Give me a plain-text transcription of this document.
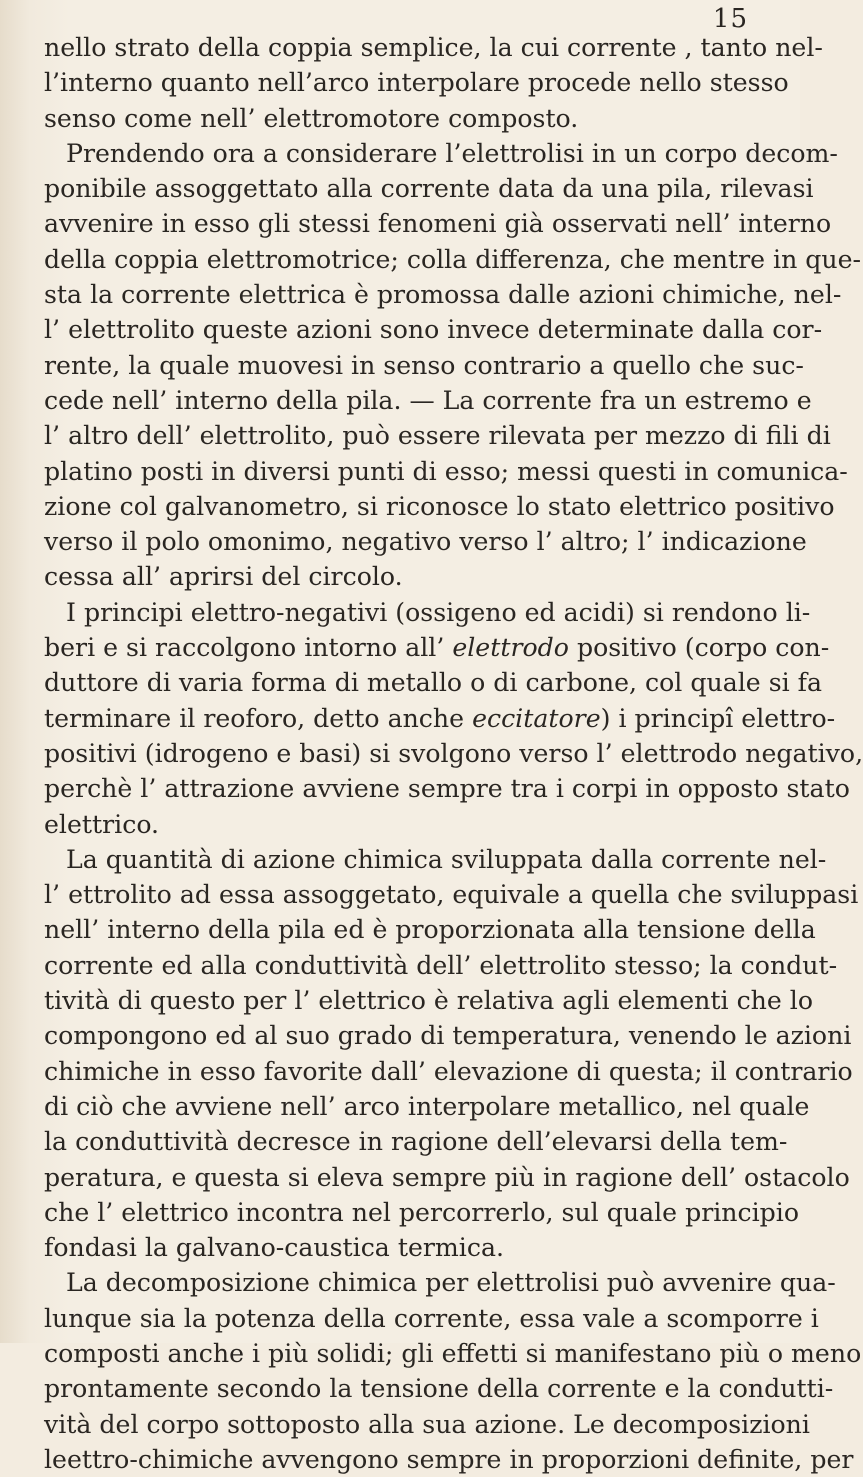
15

nello strato della coppia semplice, la cui corrente , tanto nel-
l’interno quanto nell’arco interpolare procede nello stesso
senso come nell’ elettromotore composto.

Prendendo ora a considerare l’elettrolisi in un corpo decom-
ponibile assoggettato alla corrente data da una pila, rilevasi
avvenire in esso gli stessi fenomeni già osservati nell’ interno
della coppia elettromotrice; colla differenza, che mentre in que-
sta la corrente elettrica è promossa dalle azioni chimiche, nel-
l’ elettrolito queste azioni sono invece determinate dalla cor-
rente, la quale muovesi in senso contrario a quello che suc-
cede nell’ interno della pila. — La corrente fra un estremo e
l’ altro dell’ elettrolito, può essere rilevata per mezzo di fili di
platino posti in diversi punti di esso; messi questi in comunica-
zione col galvanometro, si riconosce lo stato elettrico positivo
verso il polo omonimo, negativo verso l’ altro; l’ indicazione
cessa all’ aprirsi del circolo.

I principi elettro-negativi (ossigeno ed acidi) si rendono li-
beri e si raccolgono intorno all’ elettrodo positivo (corpo con-
duttore di varia forma di metallo o di carbone, col quale si fa
terminare il reoforo, detto anche eccitatore) i principî elettro-
positivi (idrogeno e basi) si svolgono verso l’ elettrodo negativo,
perchè l’ attrazione avviene sempre tra i corpi in opposto stato
elettrico.

La quantità di azione chimica sviluppata dalla corrente nel-
l’ ettrolito ad essa assoggetato, equivale a quella che sviluppasi
nell’ interno della pila ed è proporzionata alla tensione della
corrente ed alla conduttività dell’ elettrolito stesso; la condut-
tività di questo per l’ elettrico è relativa agli elementi che lo
compongono ed al suo grado di temperatura, venendo le azioni
chimiche in esso favorite dall’ elevazione di questa; il contrario
di ciò che avviene nell’ arco interpolare metallico, nel quale
la conduttività decresce in ragione dell’elevarsi della tem-
peratura, e questa si eleva sempre più in ragione dell’ ostacolo
che l’ elettrico incontra nel percorrerlo, sul quale principio
fondasi la galvano-caustica termica.

La decomposizione chimica per elettrolisi può avvenire qua-
lunque sia la potenza della corrente, essa vale a scomporre i
composti anche i più solidi; gli effetti si manifestano più o meno
prontamente secondo la tensione della corrente e la condutti-
vità del corpo sottoposto alla sua azione. Le decomposizioni
leettro-chimiche avvengono sempre in proporzioni definite, per
